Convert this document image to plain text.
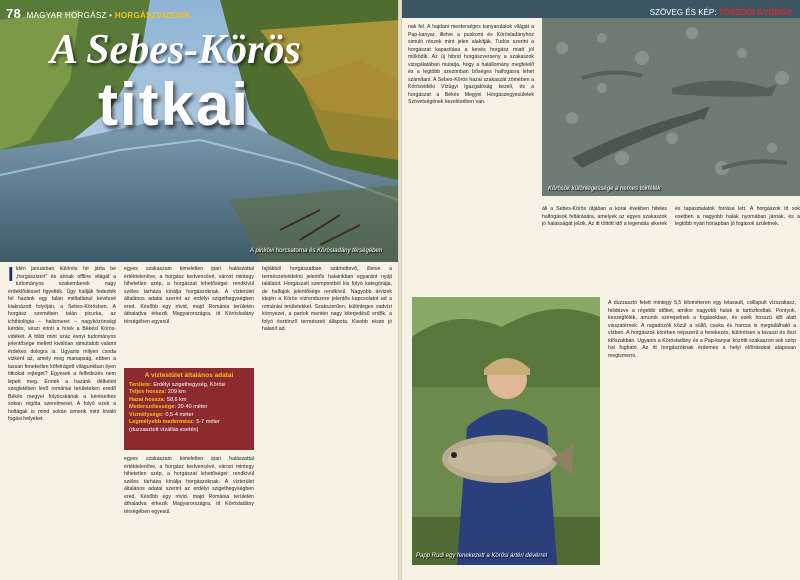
78 MAGYAR HORGÁSZ • HORGÁSZVIZEINK
A Sebes-Körös
titkai
A pinkövi horcsatorna és Körösladány térségében
I Idén januárban különös hír járta be „horgászizert” és annak offline világát a tudományos szakemberek nagy érdeklődéssel figyelték. Úgy hallják fedezték fel hazánk egy talán méltatlanul kevéssé kiaknázott folyóján, a Sebes-Körösben. A horgász szemében talán picurka, az ichthiológia – halismeret – nagyközönségi kérdés, vészi érinti a hírek a Békési Körös-vidékét. A több mint száz évnyi tudományos jelentősége mellett kiválóan rámutatott valami érdekes dologra is. Ugyanis milyen csoda vizként az, amely meg manapság, ebben a lassan feneketlen kőfelrágott világunkban ilyen titkokat rejteget? Egyesek a felfedezés nem lepett meg. Ennek a hazánk délkeleti szegletében lévő romániai területeken eredő Békés megyei folyócskának a kéréseihez sokan régóta szerelmesei. A folyó ezek a holtágak is mind sokan ismerik mint kiváló fogási helyeket.
egyes szakaszain kimeletlen ipari halászattal értéktelenítve, a horgász kedvencévé, várost mintegy hihetetlen szép, a horgászat lehetőségei: rendkívül széles tárháza kínálja horgászoknak. A vízterület általános adatai szerint az erdélyi szigethegységben ered. Később egy rövid, majd Románia területén áthaladva érkezik Magyarországra, itt Körösladány térségében egyesül.
A víztestület általános adatai
Területe: Erdélyi szigethegység, Körösi
Teljes hossza: 209 km
Hazai hossza: 58,6 km
Mederszélessége: 20-40 méter
Vízmélysége: 0,5-4 méter
Legmélyebb medermész: 5-7 méter (duzzasztott vízállás esetén)
egyes szakaszain kimeletlen ipari halászattal értéktelenítve, a horgász kedvencévé, várost mintegy hihetetlen szép, a horgászat lehetőségei: rendkívül széles tárháza kínálja horgászoknak. A vízterület általános adatai szerint az erdélyi szigethegységben ered. Később egy rövid, majd Románia területén áthaladva érkezik Magyarországra, itt Körösladány térségében egyesül.
fajtákból horgászatban számottevő, illetve a természetvédelmi jelentős halainkban egyaránt nyújt találatot. Horgászati szempontból kis folyó kategóriája, de halfajok jelentősége rendkívül. Nagyobb árvizek idején a Körös vízrendszere jelentős kapcsolatot ad a romániai területekkel. Szakszerűen, különleges vadvízi környezet, a partok mentén nagy kiterjedésű erdők, a folyó ösztönző természeti állapota. Kisebb része jó halasít ad.
SZÖVEG ÉS KÉP: TÖSZÖGI GYÖRGY
nak fel. A hajdani mesterséges kanyarulatok világát a Pap-kanyar, illetve a puskomi és Körösladányhoz simuló részek mint jelen alakítják. Tudós szerint a horgászat kapacitása a kevés horgász miatt jól működik. Az új hibrid horgászverseny a szakaszok vizsgálatában mutatja, hogy a halállomány megfelelő és a legtöbb szezonban bőséges halfogásra lehet számítani. A Sebes-Körös hazai szakaszát zömében a Körösvidéki Vízügyi Igazgatóság kezeli, és a horgászat a Békés Megyei Horgászegyesületek Szövetségének kezelésében van.
Körösök különlegessége a nemes tokfélék
áll a Sebes-Körös útjában a korai években hiteles halfogások feltárására, amelyek az egyes szakaszok jó halasságát jelzik. Az itt töltött idő a legendás sikerek és tapasztalatok forrása lett. A horgászok itt sok esetben a nagyobb halak nyomában járnak, és a legtöbb nyári hónapban jó fogások születnek.
Papp Rudi egy fenekezett a Körösi ártéri dévérrel
A duzzasztó felett mintegy 5,5 kilométeren egy lelassult, csillapult vízszakasz, felidézve a régebbi időket, amikor nagyobb halak is tartózkodtak. Pontyok, keszegfélék, amurok szerepelnek a fogásokban, és ezek hosszú idő alatt visszatérnek. A ragadozók közül a süllő, csuka és harcsa is megtalálható a vízben. A horgászok körében népszerű a fenekezés, különösen a tavaszi és őszi időszakban. Ugyanis a Körösladány és a Pap-kanyar közötti szakaszon sok szép hal fogható. Az itt horgászóknak érdemes a helyi előírásokat alaposan megismerni.
